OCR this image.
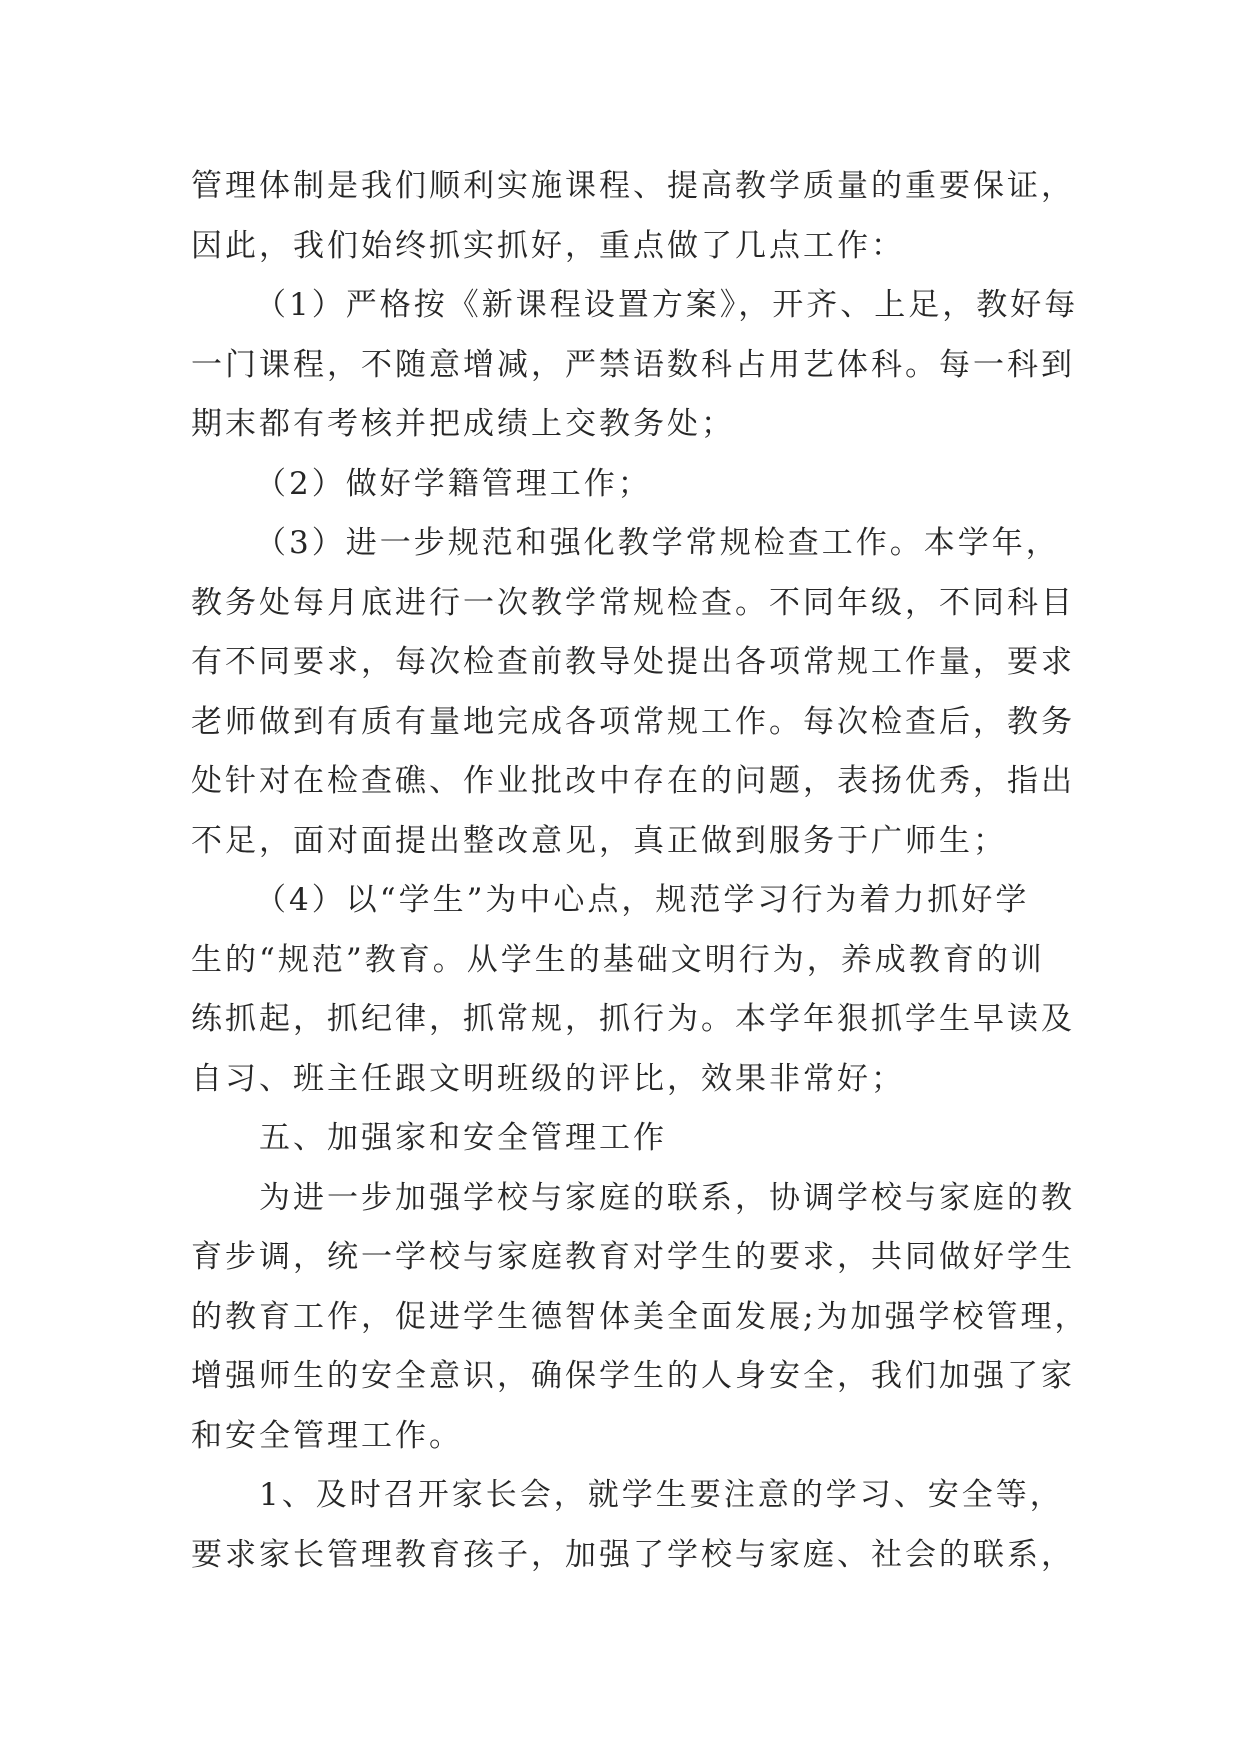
管理体制是我们顺利实施课程、提高教学质量的重要保证，
因此，我们始终抓实抓好，重点做了几点工作：
（1）严格按《新课程设置方案》，开齐、上足，教好每
一门课程，不随意增减，严禁语数科占用艺体科。每一科到
期末都有考核并把成绩上交教务处；
（2）做好学籍管理工作；
（3）进一步规范和强化教学常规检查工作。本学年，
教务处每月底进行一次教学常规检查。不同年级，不同科目
有不同要求，每次检查前教导处提出各项常规工作量，要求
老师做到有质有量地完成各项常规工作。每次检查后，教务
处针对在检查礁、作业批改中存在的问题，表扬优秀，指出
不足，面对面提出整改意见，真正做到服务于广师生；
（4）以“学生”为中心点，规范学习行为着力抓好学
生的“规范”教育。从学生的基础文明行为，养成教育的训
练抓起，抓纪律，抓常规，抓行为。本学年狠抓学生早读及
自习、班主任跟文明班级的评比，效果非常好；
五、加强家和安全管理工作
为进一步加强学校与家庭的联系，协调学校与家庭的教
育步调，统一学校与家庭教育对学生的要求，共同做好学生
的教育工作，促进学生德智体美全面发展;为加强学校管理，
增强师生的安全意识，确保学生的人身安全，我们加强了家
和安全管理工作。
1、及时召开家长会，就学生要注意的学习、安全等，
要求家长管理教育孩子，加强了学校与家庭、社会的联系，
